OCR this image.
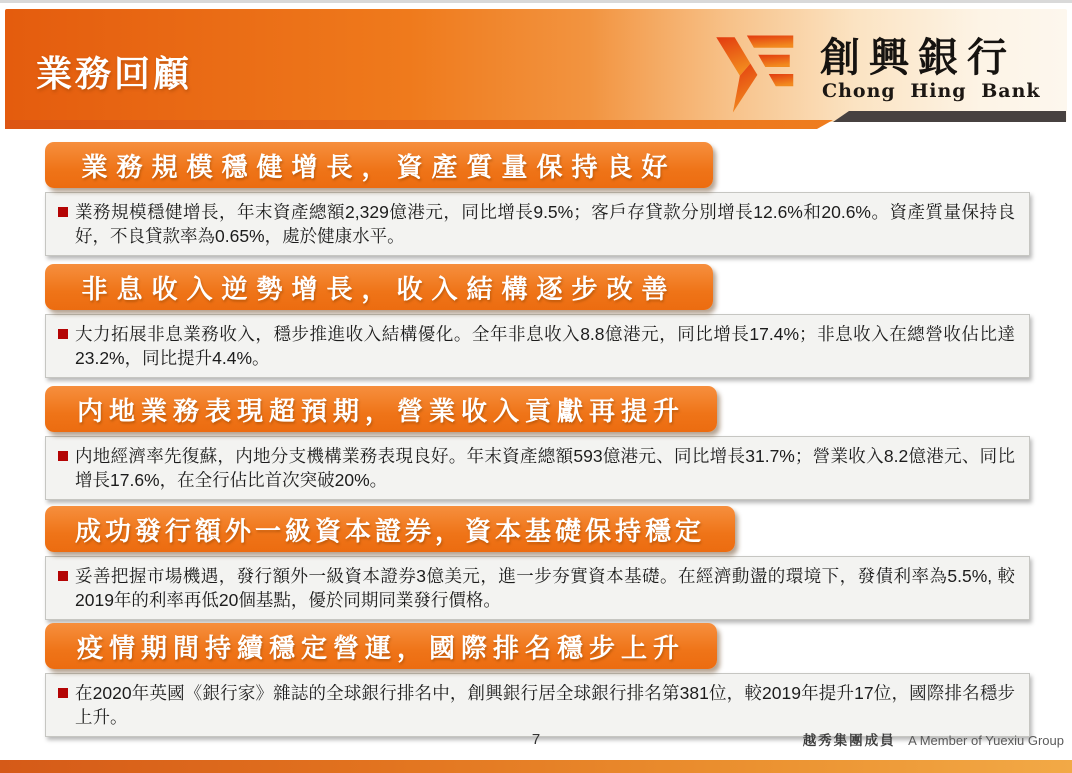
業務回顧	創興銀行
Chong Hing Bank
業務規模穩健增長，資產質量保持良好
業務規模穩健增長，年末資產總額2,329億港元，同比增長9.5%；客戶存貸款分別增長12.6%和20.6%。資產質量保持良好，不良貸款率為0.65%，處於健康水平。
非息收入逆勢增長，收入結構逐步改善
大力拓展非息業務收入，穩步推進收入結構優化。全年非息收入8.8億港元，同比增長17.4%；非息收入在總營收佔比達23.2%，同比提升4.4%。
内地業務表現超預期，營業收入貢獻再提升
内地經濟率先復蘇，内地分支機構業務表現良好。年末資產總額593億港元、同比增長31.7%；營業收入8.2億港元、同比增長17.6%，在全行佔比首次突破20%。
成功發行額外一級資本證券，資本基礎保持穩定
妥善把握市場機遇，發行額外一級資本證券3億美元，進一步夯實資本基礎。在經濟動盪的環境下，發債利率為5.5%, 較2019年的利率再低20個基點，優於同期同業發行價格。
疫情期間持續穩定營運，國際排名穩步上升
在2020年英國《銀行家》雜誌的全球銀行排名中，創興銀行居全球銀行排名第381位，較2019年提升17位，國際排名穩步上升。
7	越秀集團成員 A Member of Yuexiu Group
